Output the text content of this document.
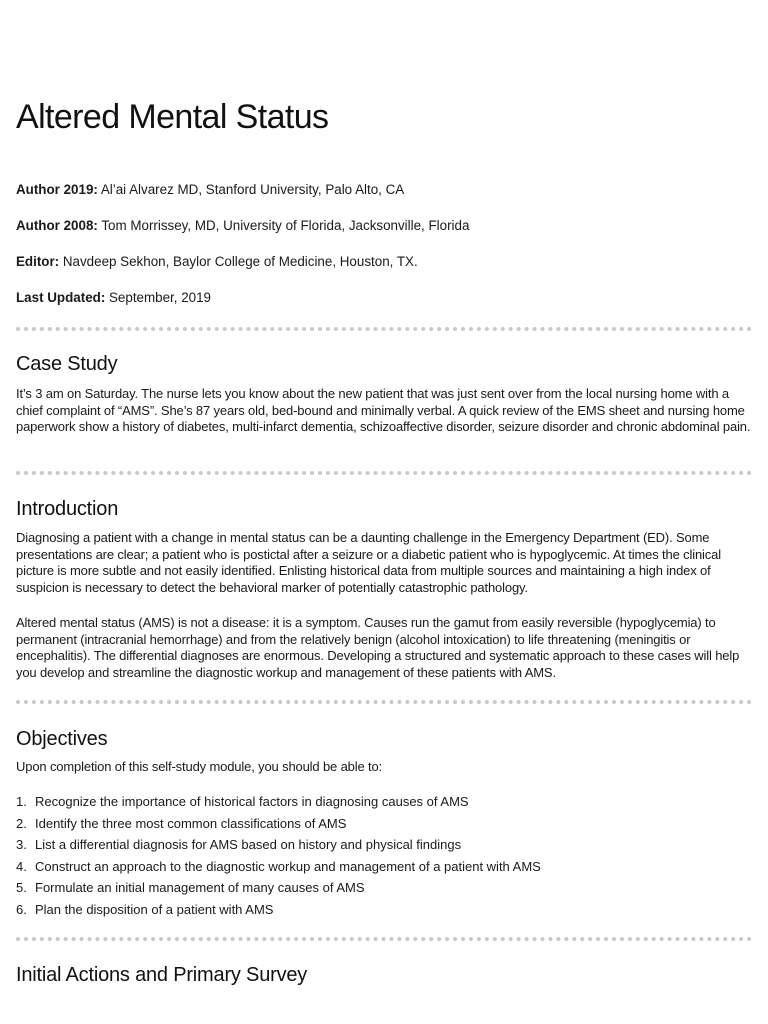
Altered Mental Status

Author 2019: Al’ai Alvarez MD, Stanford University, Palo Alto, CA

Author 2008: Tom Morrissey, MD, University of Florida, Jacksonville, Florida

Editor: Navdeep Sekhon, Baylor College of Medicine, Houston, TX.

Last Updated: September, 2019

Case Study

It’s 3 am on Saturday. The nurse lets you know about the new patient that was just sent over from the local nursing home with a chief complaint of “AMS”. She’s 87 years old, bed-bound and minimally verbal. A quick review of the EMS sheet and nursing home paperwork show a history of diabetes, multi-infarct dementia, schizoaffective disorder, seizure disorder and chronic abdominal pain.

Introduction

Diagnosing a patient with a change in mental status can be a daunting challenge in the Emergency Department (ED). Some presentations are clear; a patient who is postictal after a seizure or a diabetic patient who is hypoglycemic. At times the clinical picture is more subtle and not easily identified. Enlisting historical data from multiple sources and maintaining a high index of suspicion is necessary to detect the behavioral marker of potentially catastrophic pathology.

Altered mental status (AMS) is not a disease: it is a symptom. Causes run the gamut from easily reversible (hypoglycemia) to permanent (intracranial hemorrhage) and from the relatively benign (alcohol intoxication) to life threatening (meningitis or encephalitis). The differential diagnoses are enormous. Developing a structured and systematic approach to these cases will help you develop and streamline the diagnostic workup and management of these patients with AMS.

Objectives

Upon completion of this self-study module, you should be able to:

1. Recognize the importance of historical factors in diagnosing causes of AMS
2. Identify the three most common classifications of AMS
3. List a differential diagnosis for AMS based on history and physical findings
4. Construct an approach to the diagnostic workup and management of a patient with AMS
5. Formulate an initial management of many causes of AMS
6. Plan the disposition of a patient with AMS
Initial Actions and Primary Survey
